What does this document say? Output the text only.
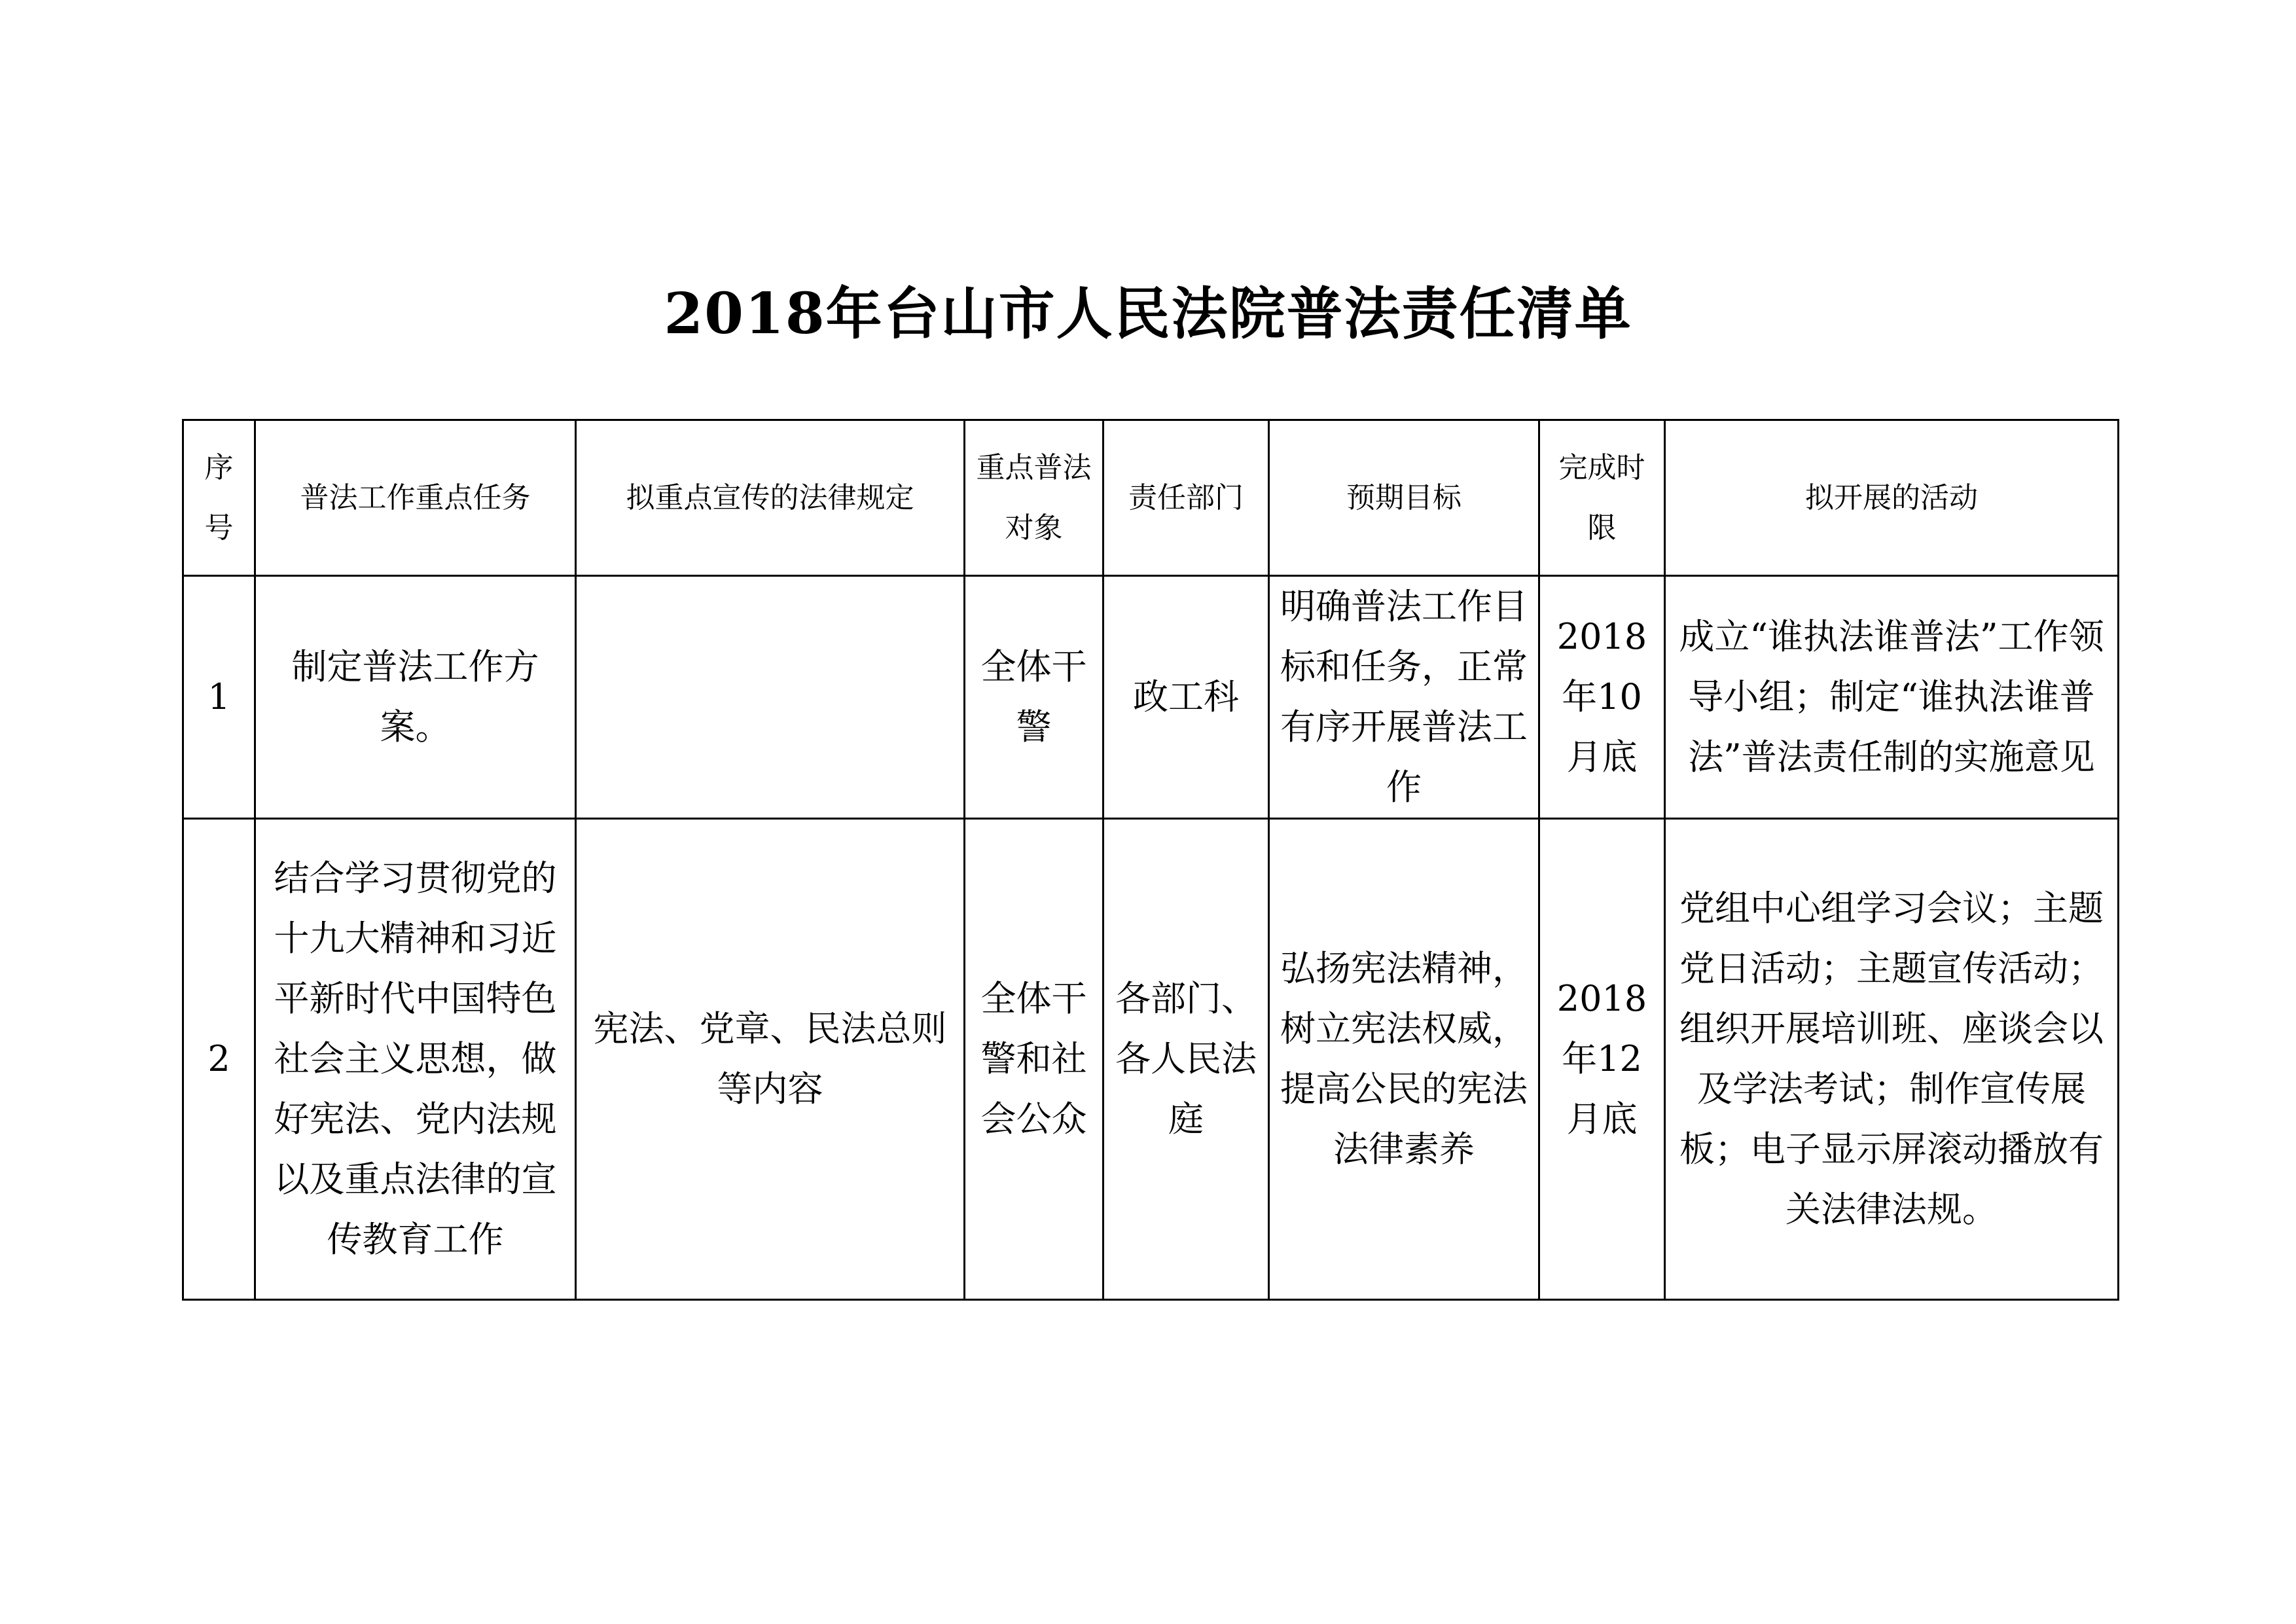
2018年台山市人民法院普法责任清单
序号	普法工作重点任务	拟重点宣传的法律规定	重点普法对象	责任部门	预期目标	完成时限	拟开展的活动
1	制定普法工作方案。		全体干警	政工科	明确普法工作目标和任务，正常有序开展普法工作	2018年10月底	成立“谁执法谁普法”工作领导小组；制定“谁执法谁普法”普法责任制的实施意见
2	结合学习贯彻党的十九大精神和习近平新时代中国特色社会主义思想，做好宪法、党内法规以及重点法律的宣传教育工作	宪法、党章、民法总则等内容	全体干警和社会公众	各部门、各人民法庭	弘扬宪法精神，树立宪法权威，提高公民的宪法法律素养	2018年12月底	党组中心组学习会议；主题党日活动；主题宣传活动；组织开展培训班、座谈会以及学法考试；制作宣传展板；电子显示屏滚动播放有关法律法规。
